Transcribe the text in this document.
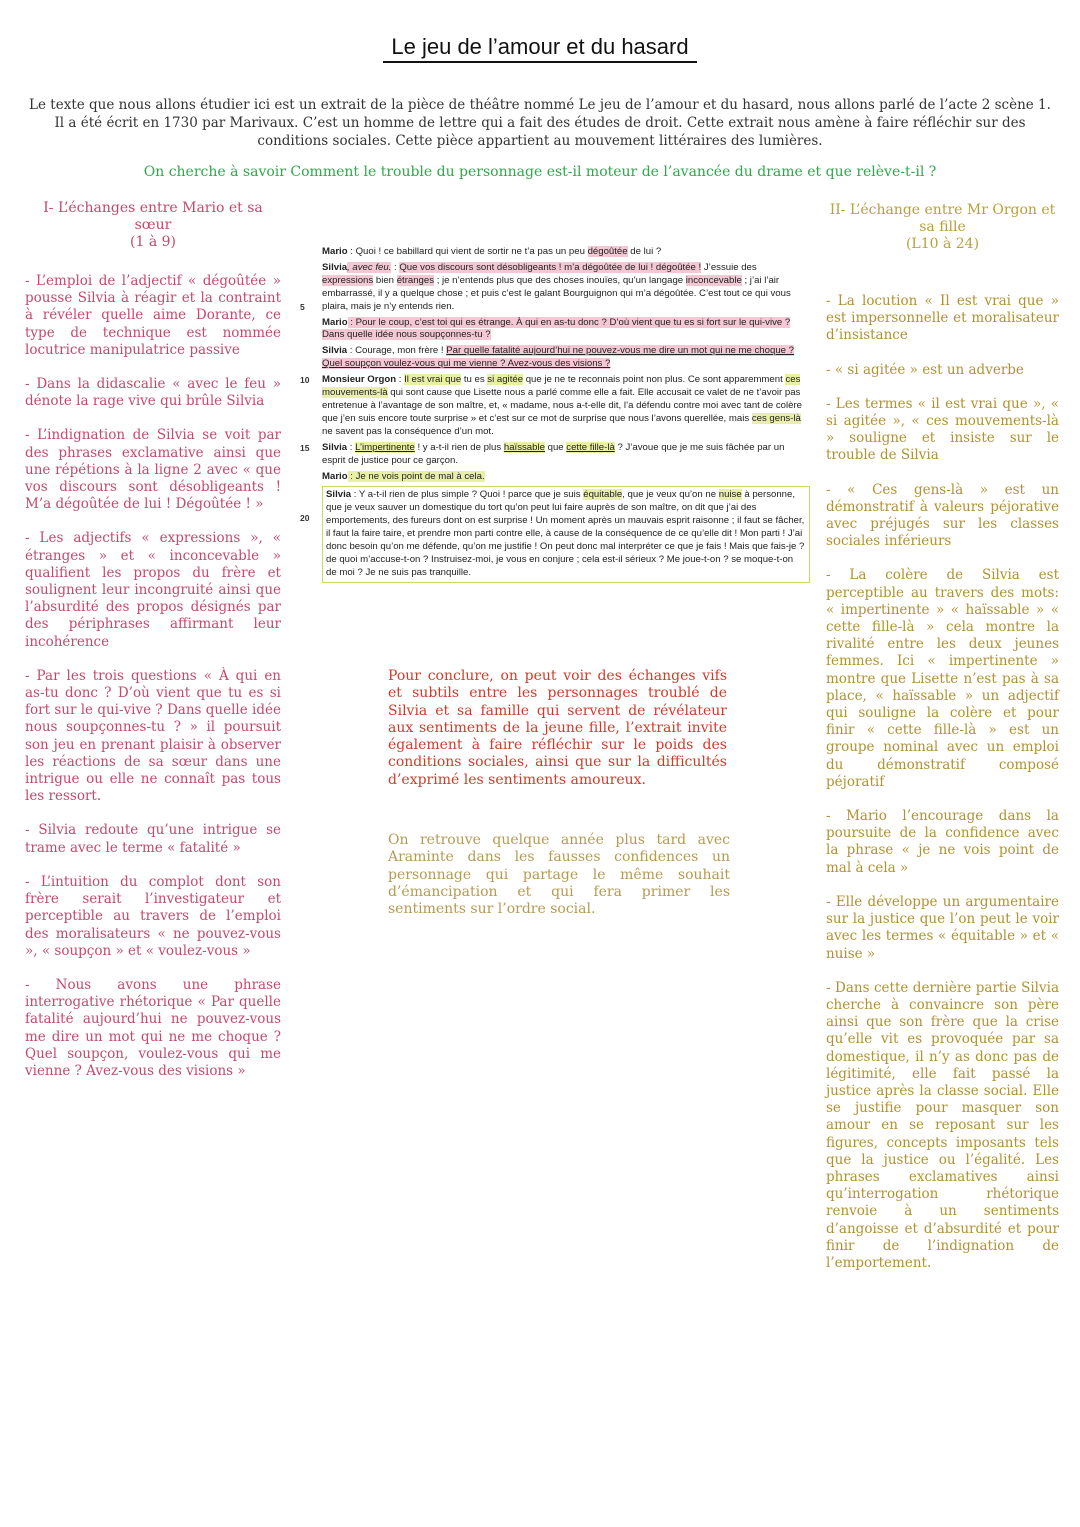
Le jeu de l’amour et du hasard
Le texte que nous allons étudier ici est un extrait de la pièce de théâtre nommé Le jeu de l’amour et du hasard, nous allons parlé de l’acte 2 scène 1. Il a été écrit en 1730 par Marivaux. C’est un homme de lettre qui a fait des études de droit. Cette extrait nous amène à faire réfléchir sur des conditions sociales. Cette pièce appartient au mouvement littéraires des lumières.
On cherche à savoir Comment le trouble du personnage est-il moteur de l’avancée du drame et que relève-t-il ?
I- L’échanges entre Mario et sa sœur
(1 à 9)

- L’emploi de l’adjectif « dégoûtée » pousse Silvia à réagir et la contraint à révéler quelle aime Dorante, ce type de technique est nommée locutrice manipulatrice passive

- Dans la didascalie « avec le feu » dénote la rage vive qui brûle Silvia

- L’indignation de Silvia se voit par des phrases exclamative ainsi que une répétions à la ligne 2 avec « que vos discours sont désobligeants ! M’a dégoûtée de lui ! Dégoûtée ! »

- Les adjectifs « expressions », « étranges » et « inconcevable » qualifient les propos du frère et soulignent leur incongruité ainsi que l’absurdité des propos désignés par des périphrases affirmant leur incohérence

- Par les trois questions « À qui en as-tu donc ? D’où vient que tu es si fort sur le qui-vive ? Dans quelle idée nous soupçonnes-tu ? » il poursuit son jeu en prenant plaisir à observer les réactions de sa sœur dans une intrigue ou elle ne connaît pas tous les ressort.

- Silvia redoute qu’une intrigue se trame avec le terme « fatalité »

- L’intuition du complot dont son frère serait l’investigateur et perceptible au travers de l’emploi des moralisateurs « ne pouvez-vous », « soupçon » et « voulez-vous »

- Nous avons une phrase interrogative rhétorique « Par quelle fatalité aujourd’hui ne pouvez-vous me dire un mot qui ne me choque ? Quel soupçon, voulez-vous qui me vienne ? Avez-vous des visions »

Mario : Quoi ! ce babillard qui vient de sortir ne t’a pas un peu dégoûtée de lui ?
5
Silvia, avec feu. : Que vos discours sont désobligeants ! m’a dégoûtée de lui ! dégoûtée ! J’essuie des expressions bien étranges ; je n’entends plus que des choses inouïes, qu’un langage inconcevable ; j’ai l’air embarrassé, il y a quelque chose ; et puis c’est le galant Bourguignon qui m’a dégoûtée. C’est tout ce qui vous plaira, mais je n’y entends rien.
Mario : Pour le coup, c’est toi qui es étrange. À qui en as-tu donc ? D’où vient que tu es si fort sur le qui-vive ? Dans quelle idée nous soupçonnes-tu ?
Silvia : Courage, mon frère ! Par quelle fatalité aujourd’hui ne pouvez-vous me dire un mot qui ne me choque ? Quel soupçon voulez-vous qui me vienne ? Avez-vous des visions ?
10	Monsieur Orgon : Il est vrai que tu es si agitée que je ne te reconnais point non plus. Ce sont apparemment ces mouvements-là qui sont cause que Lisette nous a parlé comme elle a fait. Elle accusait ce valet de ne t’avoir pas entretenue à l’avantage de son maître, et, « madame, nous a-t-elle dit, l’a défendu contre moi avec tant de colère que j’en suis encore toute surprise » et c’est sur ce mot de surprise que nous l’avons querellée, mais ces gens-là ne savent pas la conséquence d’un mot.
15	Silvia : L’impertinente ! y a-t-il rien de plus haïssable que cette fille-là ? J’avoue que je me suis fâchée par un esprit de justice pour ce garçon.
Mario : Je ne vois point de mal à cela.
20
Silvia : Y a-t-il rien de plus simple ? Quoi ! parce que je suis équitable, que je veux qu’on ne nuise à personne, que je veux sauver un domestique du tort qu’on peut lui faire auprès de son maître, on dit que j’ai des emportements, des fureurs dont on est surprise ! Un moment après un mauvais esprit raisonne ; il faut se fâcher, il faut la faire taire, et prendre mon parti contre elle, à cause de la conséquence de ce qu’elle dit ! Mon parti ! J’ai donc besoin qu’on me défende, qu’on me justifie ! On peut donc mal interpréter ce que je fais ! Mais que fais-je ? de quoi m’accuse-t-on ? Instruisez-moi, je vous en conjure ; cela est-il sérieux ? Me joue-t-on ? se moque-t-on de moi ? Je ne suis pas tranquille.
Pour conclure, on peut voir des échanges vifs et subtils entre les personnages troublé de Silvia et sa famille qui servent de révélateur aux sentiments de la jeune fille, l’extrait invite également à faire réfléchir sur le poids des conditions sociales, ainsi que sur la difficultés d’exprimé les sentiments amoureux.
On retrouve quelque année plus tard avec Araminte dans les fausses confidences un personnage qui partage le même souhait d’émancipation et qui fera primer les sentiments sur l’ordre social.
II- L’échange entre Mr Orgon et sa fille
(L10 à 24)

- La locution « Il est vrai que » est impersonnelle et moralisateur d’insistance

- « si agitée » est un adverbe

- Les termes « il est vrai que », « si agitée », « ces mouvements-là » souligne et insiste sur le trouble de Silvia

- « Ces gens-là » est un démonstratif à valeurs péjorative avec préjugés sur les classes sociales inférieurs

- La colère de Silvia est perceptible au travers des mots: « impertinente » « haïssable » « cette fille-là » cela montre la rivalité entre les deux jeunes femmes. Ici « impertinente » montre que Lisette n’est pas à sa place, « haïssable » un adjectif qui souligne la colère et pour finir « cette fille-là » est un groupe nominal avec un emploi du démonstratif composé péjoratif

- Mario l’encourage dans la poursuite de la confidence avec la phrase « je ne vois point de mal à cela »

- Elle développe un argumentaire sur la justice que l’on peut le voir avec les termes « équitable » et « nuise »

- Dans cette dernière partie Silvia cherche à convaincre son père ainsi que son frère que la crise qu’elle vit es provoquée par sa domestique, il n’y as donc pas de légitimité, elle fait passé la justice après la classe social. Elle se justifie pour masquer son amour en se reposant sur les figures, concepts imposants tels que la justice ou l’égalité. Les phrases exclamatives ainsi qu’interrogation rhétorique renvoie à un sentiments d’angoisse et d’absurdité et pour finir de l’indignation de l’emportement.
